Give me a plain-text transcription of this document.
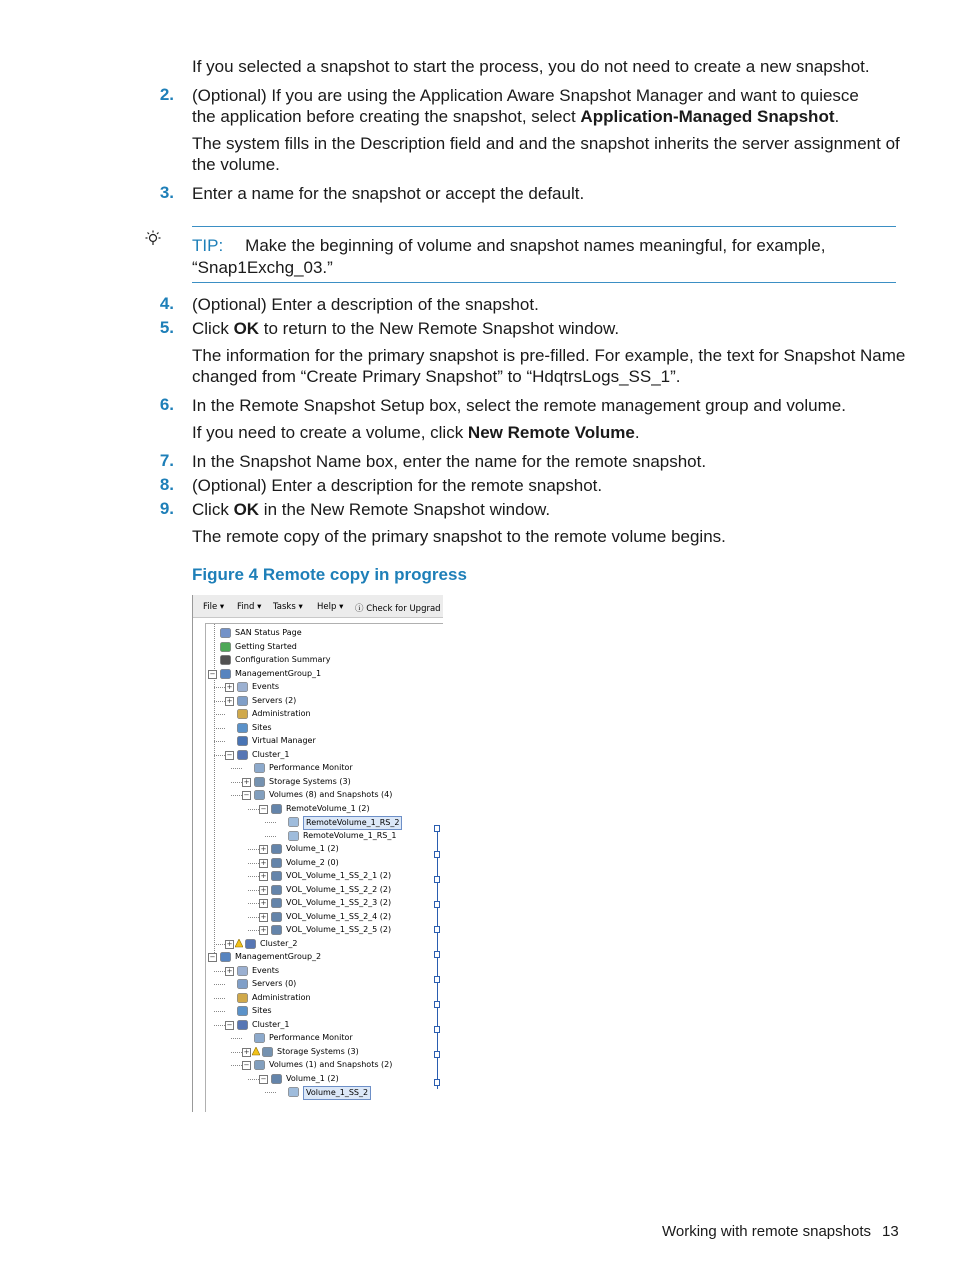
If you selected a snapshot to start the process, you do not need to create a new snapshot.

2. (Optional) If you are using the Application Aware Snapshot Manager and want to quiesce

the application before creating the snapshot, select Application-Managed Snapshot.

The system fills in the Description field and and the snapshot inherits the server assignment of

the volume.

3. Enter a name for the snapshot or accept the default.

TIP: Make the beginning of volume and snapshot names meaningful, for example,

“Snap1Exchg_03.”

4. (Optional) Enter a description of the snapshot.

5. Click OK to return to the New Remote Snapshot window.

The information for the primary snapshot is pre-filled. For example, the text for Snapshot Name

changed from “Create Primary Snapshot” to “HdqtrsLogs_SS_1”.

6. In the Remote Snapshot Setup box, select the remote management group and volume.

If you need to create a volume, click New Remote Volume.

7. In the Snapshot Name box, enter the name for the remote snapshot.

8. (Optional) Enter a description for the remote snapshot.

9. Click OK in the New Remote Snapshot window.

The remote copy of the primary snapshot to the remote volume begins.

Figure 4 Remote copy in progress

File ▾ Find ▾ Tasks ▾ Help ▾ ⓘ Check for Upgrad
SAN Status Page
Getting Started
Configuration Summary
− ManagementGroup_1
+ Events
+ Servers (2)
Administration
Sites
Virtual Manager
− Cluster_1
Performance Monitor
+ Storage Systems (3)
− Volumes (8) and Snapshots (4)
− RemoteVolume_1 (2)
RemoteVolume_1_RS_2
RemoteVolume_1_RS_1
+ Volume_1 (2)
+ Volume_2 (0)
+ VOL_Volume_1_SS_2_1 (2)
+ VOL_Volume_1_SS_2_2 (2)
+ VOL_Volume_1_SS_2_3 (2)
+ VOL_Volume_1_SS_2_4 (2)
+ VOL_Volume_1_SS_2_5 (2)
+	Cluster_2
− ManagementGroup_2
+ Events
Servers (0)
Administration
Sites
− Cluster_1
Performance Monitor
+	Storage Systems (3)
− Volumes (1) and Snapshots (2)
− Volume_1 (2)
Volume_1_SS_2

Working with remote snapshots 13
